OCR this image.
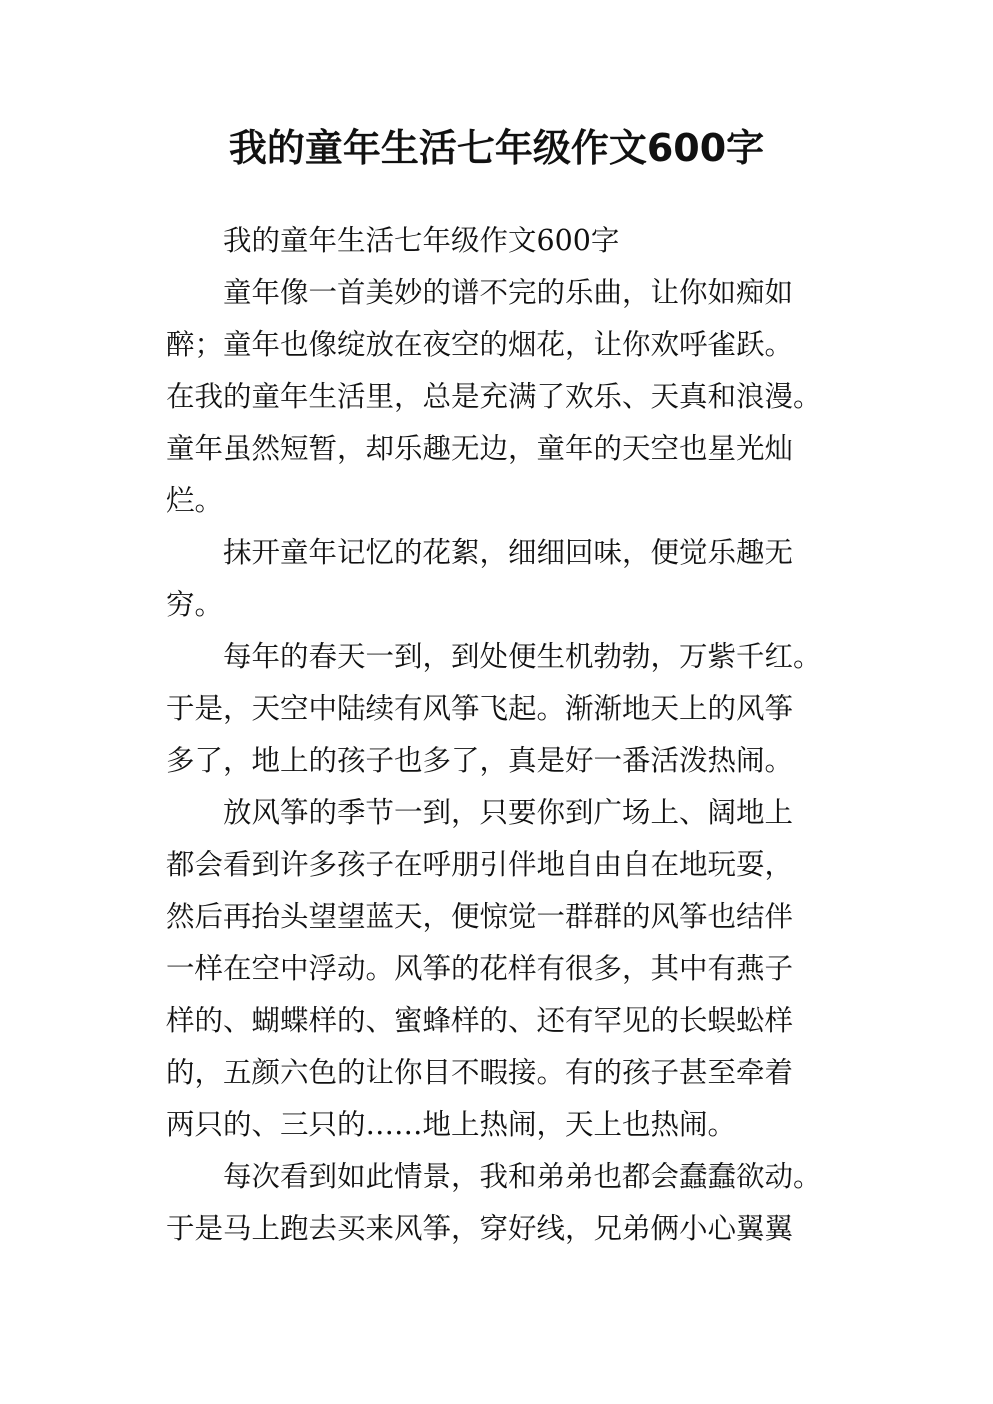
我的童年生活七年级作文600字

我的童年生活七年级作文600字

童年像一首美妙的谱不完的乐曲，让你如痴如
醉；童年也像绽放在夜空的烟花，让你欢呼雀跃。
在我的童年生活里，总是充满了欢乐、天真和浪漫。
童年虽然短暂，却乐趣无边，童年的天空也星光灿
烂。

抹开童年记忆的花絮，细细回味，便觉乐趣无
穷。

每年的春天一到，到处便生机勃勃，万紫千红。
于是，天空中陆续有风筝飞起。渐渐地天上的风筝
多了，地上的孩子也多了，真是好一番活泼热闹。

放风筝的季节一到，只要你到广场上、阔地上
都会看到许多孩子在呼朋引伴地自由自在地玩耍，
然后再抬头望望蓝天，便惊觉一群群的风筝也结伴
一样在空中浮动。风筝的花样有很多，其中有燕子
样的、蝴蝶样的、蜜蜂样的、还有罕见的长蜈蚣样
的，五颜六色的让你目不暇接。有的孩子甚至牵着
两只的、三只的……地上热闹，天上也热闹。

每次看到如此情景，我和弟弟也都会蠢蠢欲动。
于是马上跑去买来风筝，穿好线，兄弟俩小心翼翼
